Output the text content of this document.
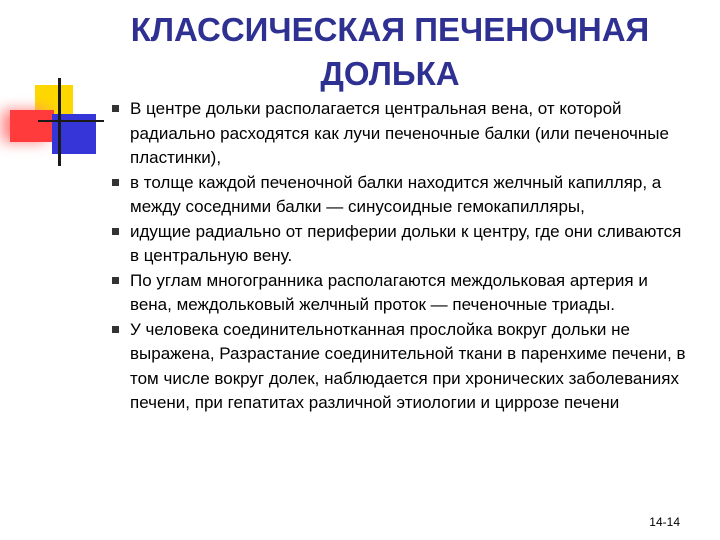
КЛАССИЧЕСКАЯ ПЕЧЕНОЧНАЯ
ДОЛЬКА
В центре дольки располагается центральная вена, от которой радиально расходятся как лучи печеночные балки (или печеночные пластинки),
в толще каждой печеночной балки находится желчный капилляр, а между соседними балки — синусоидные гемокапилляры,
идущие радиально от периферии дольки к центру, где они сливаются в центральную вену.
По углам многогранника располагаются междольковая артерия и вена, междольковый желчный проток — печеночные триады.
У человека соединительнотканная прослойка вокруг дольки не выражена, Разрастание соединительной ткани в паренхиме печени, в том числе вокруг долек, наблюдается при хронических заболеваниях печени, при гепатитах различной этиологии и циррозе печени
14-14
